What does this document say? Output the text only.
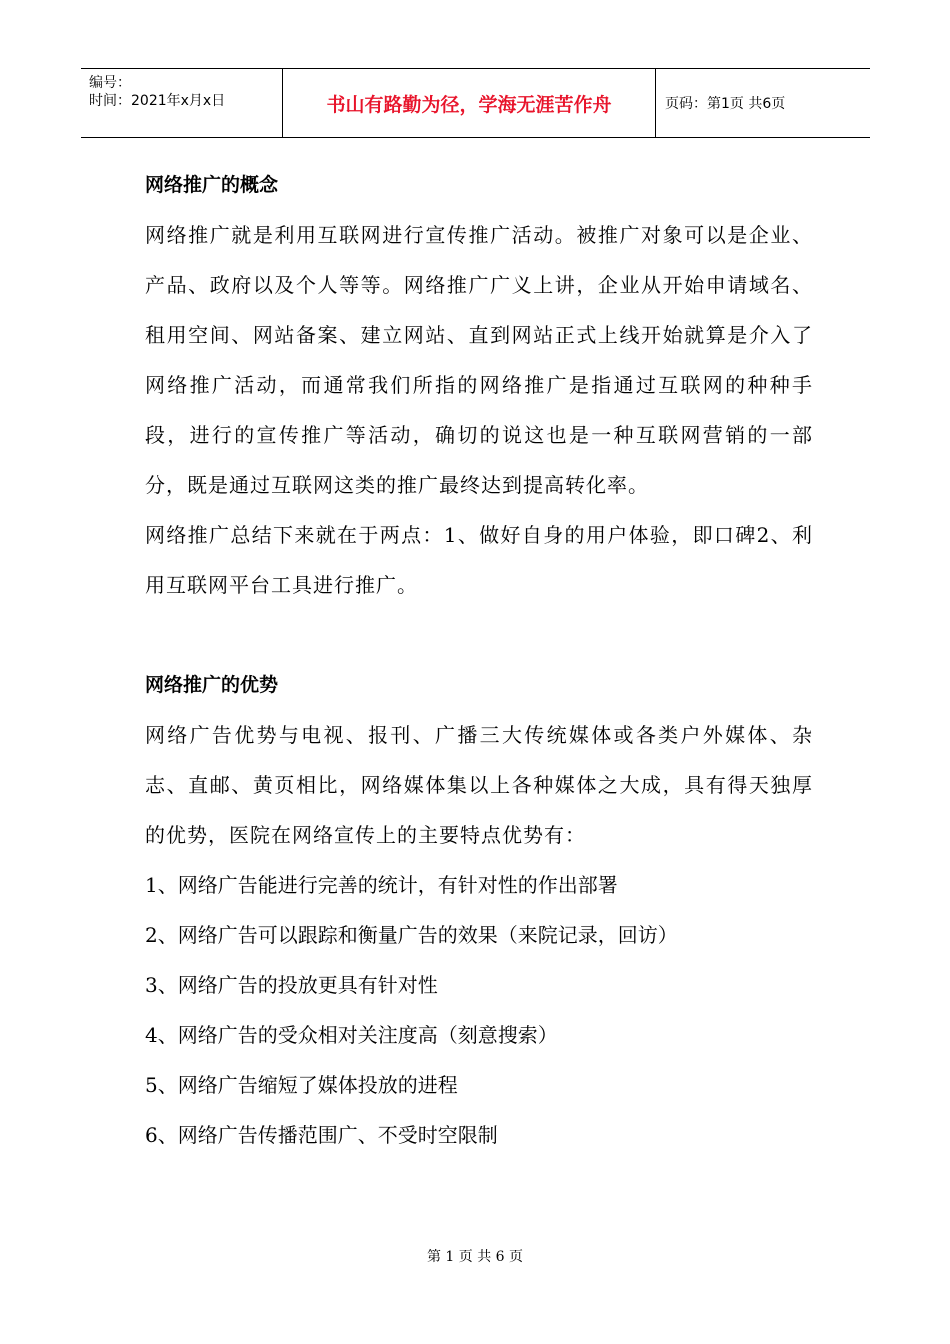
编号：
时间：2021年x月x日	书山有路勤为径，学海无涯苦作舟	页码：第1页 共6页

网络推广的概念

网络推广就是利用互联网进行宣传推广活动。被推广对象可以是企业、产品、政府以及个人等等。网络推广广义上讲，企业从开始申请域名、租用空间、网站备案、建立网站、直到网站正式上线开始就算是介入了网络推广活动，而通常我们所指的网络推广是指通过互联网的种种手段，进行的宣传推广等活动，确切的说这也是一种互联网营销的一部分，既是通过互联网这类的推广最终达到提高转化率。

网络推广总结下来就在于两点：1、做好自身的用户体验，即口碑2、利用互联网平台工具进行推广。

网络推广的优势

网络广告优势与电视、报刊、广播三大传统媒体或各类户外媒体、杂志、直邮、黄页相比，网络媒体集以上各种媒体之大成，具有得天独厚的优势，医院在网络宣传上的主要特点优势有：

1、网络广告能进行完善的统计，有针对性的作出部署

2、网络广告可以跟踪和衡量广告的效果（来院记录，回访）

3、网络广告的投放更具有针对性

4、网络广告的受众相对关注度高（刻意搜索）

5、网络广告缩短了媒体投放的进程

6、网络广告传播范围广、不受时空限制

第 1 页 共 6 页
